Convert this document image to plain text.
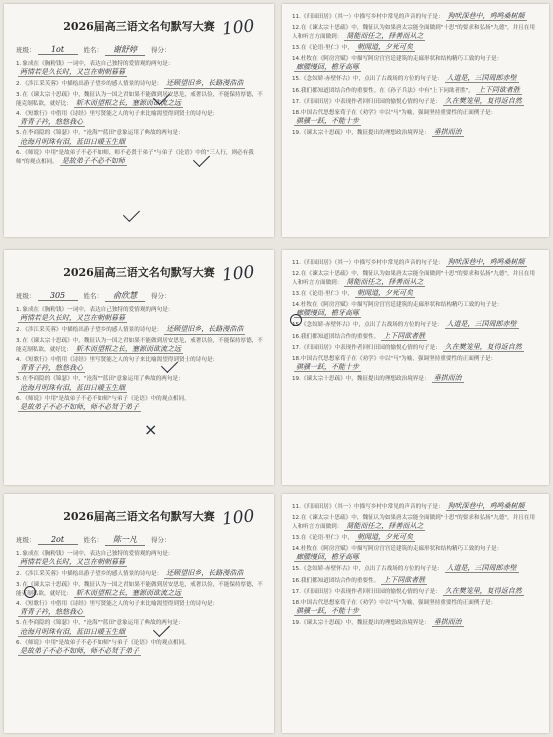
2026届高三语文名句默写大赛 100
班级：	1ot	姓名：	谢舒婷	得分：
1.象成在《胸粉钱》一词中，表达自己独特的爱情观的两句是：两情若是久长时，又岂在朝朝暮暮
2.《涉江采芙蓉》中描绘出游子望乡的感人情景的诗句是： 还顾望旧乡，长路漫浩浩
3.在《谏太宗十思疏》中，魏征认为一国之君如果不能做到居安思危，戒奢以俭，不能保持厚德，不能克制私欲，就好比： 斩木而望根之长，塞源而欲流之远
4.《短歌行》中借用《诗经》里写贤能之人的句子来比喻渴望得到贤士的诗句是：青青子衿，悠悠我心
5.在李商隐的《锦瑟》中，"沧海""蓝田"意象运用了典故的两句是：沧海月明珠有泪，蓝田日暖玉生烟
6.《师说》中用"是故弟子不必不如师，师不必贤于弟子"与弟子《论语》中的"三人行，则必有我师"的观点相同。 是故弟子不必不如师
11.《归园田居》（其一）中描写乡村中常见的声音的句子是： 狗吠深巷中，鸡鸣桑树颠
12.在《谏太宗十思疏》中，魏征认为如果唐太宗能全面做到"十思"的要求和弘扬"九德"，并且在用人和听言方面做到： 简能而任之，择善而从之
13.在《论语·里仁》中， 朝闻道，夕死可矣
14.杜牧在《阿房宫赋》中描写阿房宫宫廷建筑的走廊形状和结构精巧工致的句子是：廊腰缦回，檐牙高啄
15.《念奴娇·赤壁怀古》中，点出了古战场的方位的句子是： 人道是，三国周郎赤壁
16.我们都知道团结合作的重要性。在《孙子兵法》中有"上下同欲者胜"， 上下同欲者胜
17.《归园田居》中表现作者回归田园的愉悦心情的句子是： 久在樊笼里，复得返自然
18.中国古代思想家荀子在《劝学》中以"马"为喻，强调坚持重要性的正面例子是：骐骥一跃，不能十步
19.《谏太宗十思疏》中，魏征提出的理想政治境界是： 垂拱而治
2026届高三语文名句默写大赛 100
班级：	305	姓名：	俞欣慧	得分：
1.象成在《胸粉钱》一词中，表达自己独特的爱情观的两句是：两情若是久长时，又岂在朝朝暮暮
2.《涉江采芙蓉》中描绘出游子望乡的感人情景的诗句是： 还顾望旧乡，长路漫浩浩
3.在《谏太宗十思疏》中，魏征认为一国之君如果不能做到居安思危，戒奢以俭，不能保持厚德，不能克制私欲，就好比： 斩木而望根之长，塞源而欲流之远
4.《短歌行》中借用《诗经》里写贤能之人的句子来比喻渴望得到贤士的诗句是：青青子衿，悠悠我心
5.在李商隐的《锦瑟》中，"沧海""蓝田"意象运用了典故的两句是：沧海月明珠有泪，蓝田日暖玉生烟
6.《师说》中用"是故弟子不必不如师"与弟子《论语》中的观点相同。是故弟子不必不如师，师不必贤于弟子
×
11.《归园田居》（其一）中描写乡村中常见的声音的句子是： 狗吠深巷中，鸡鸣桑树颠
12.在《谏太宗十思疏》中，魏征认为如果唐太宗能全面做到"十思"的要求和弘扬"九德"，并且在用人和听言方面做到： 简能而任之，择善而从之
13.在《论语·里仁》中， 朝闻道，夕死可矣
14.杜牧在《阿房宫赋》中描写阿房宫宫廷建筑的走廊形状和结构精巧工致的句子是：廊腰缦回，檐牙高啄
15.《念奴娇·赤壁怀古》中，点出了古战场的方位的句子是： 人道是，三国周郎赤壁
16.我们都知道团结合作的重要性。 上下同欲者胜
17.《归园田居》中表现作者回归田园的愉悦心情的句子是： 久在樊笼里，复得返自然
18.中国古代思想家荀子在《劝学》中以"马"为喻，强调坚持重要性的正面例子是：骐骥一跃，不能十步
19.《谏太宗十思疏》中，魏征提出的理想政治境界是： 垂拱而治
2026届高三语文名句默写大赛 100
班级：	2ot	姓名：	陈一凡	得分：
1.象成在《胸粉钱》一词中，表达自己独特的爱情观的两句是：两情若是久长时，又岂在朝朝暮暮
2.《涉江采芙蓉》中描绘出游子望乡的感人情景的诗句是： 还顾望旧乡，长路漫浩浩
3.在《谏太宗十思疏》中，魏征认为一国之君如果不能做到居安思危，戒奢以俭，不能保持厚德，不能克制私欲，就好比： 斩木而望根之长，塞源而欲流之远
4.《短歌行》中借用《诗经》里写贤能之人的句子来比喻渴望得到贤士的诗句是：青青子衿，悠悠我心
5.在李商隐的《锦瑟》中，"沧海""蓝田"意象运用了典故的两句是：沧海月明珠有泪，蓝田日暖玉生烟
6.《师说》中用"是故弟子不必不如师"与弟子《论语》中的观点相同。是故弟子不必不如师，师不必贤于弟子
11.《归园田居》（其一）中描写乡村中常见的声音的句子是： 狗吠深巷中，鸡鸣桑树颠
12.在《谏太宗十思疏》中，魏征认为如果唐太宗能全面做到"十思"的要求和弘扬"九德"，并且在用人和听言方面做到： 简能而任之，择善而从之
13.在《论语·里仁》中， 朝闻道，夕死可矣
14.杜牧在《阿房宫赋》中描写阿房宫宫廷建筑的走廊形状和结构精巧工致的句子是：廊腰缦回，檐牙高啄
15.《念奴娇·赤壁怀古》中，点出了古战场的方位的句子是： 人道是，三国周郎赤壁
16.我们都知道团结合作的重要性。 上下同欲者胜
17.《归园田居》中表现作者回归田园的愉悦心情的句子是： 久在樊笼里，复得返自然
18.中国古代思想家荀子在《劝学》中以"马"为喻，强调坚持重要性的正面例子是：骐骥一跃，不能十步
19.《谏太宗十思疏》中，魏征提出的理想政治境界是： 垂拱而治
